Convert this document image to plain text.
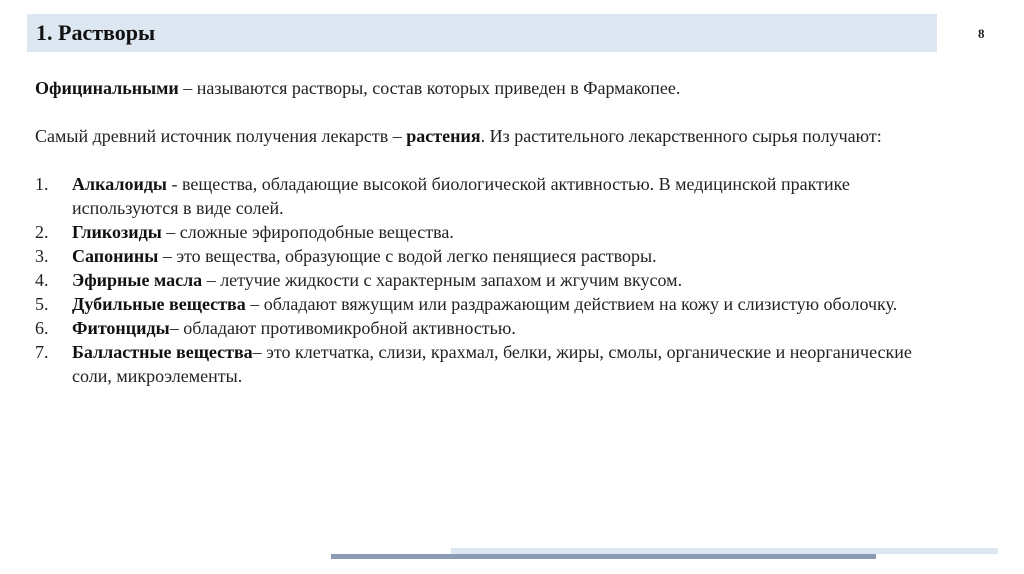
1. Растворы	8

Официнальными – называются растворы, состав которых приведен в Фармакопее.

Самый древний источник получения лекарств – растения. Из растительного лекарственного сырья получают:

1.	Алкалоиды - вещества, обладающие высокой биологической активностью. В медицинской практике используются в виде солей.
2.	Гликозиды – сложные эфироподобные вещества.
3.	Сапонины – это вещества, образующие с водой легко пенящиеся растворы.
4.	Эфирные масла – летучие жидкости с характерным запахом и жгучим вкусом.
5.	Дубильные вещества – обладают вяжущим или раздражающим действием на кожу и слизистую оболочку.
6.	Фитонциды– обладают противомикробной активностью.
7.	Балластные вещества– это клетчатка, слизи, крахмал, белки, жиры, смолы, органические и неорганические соли, микроэлементы.
